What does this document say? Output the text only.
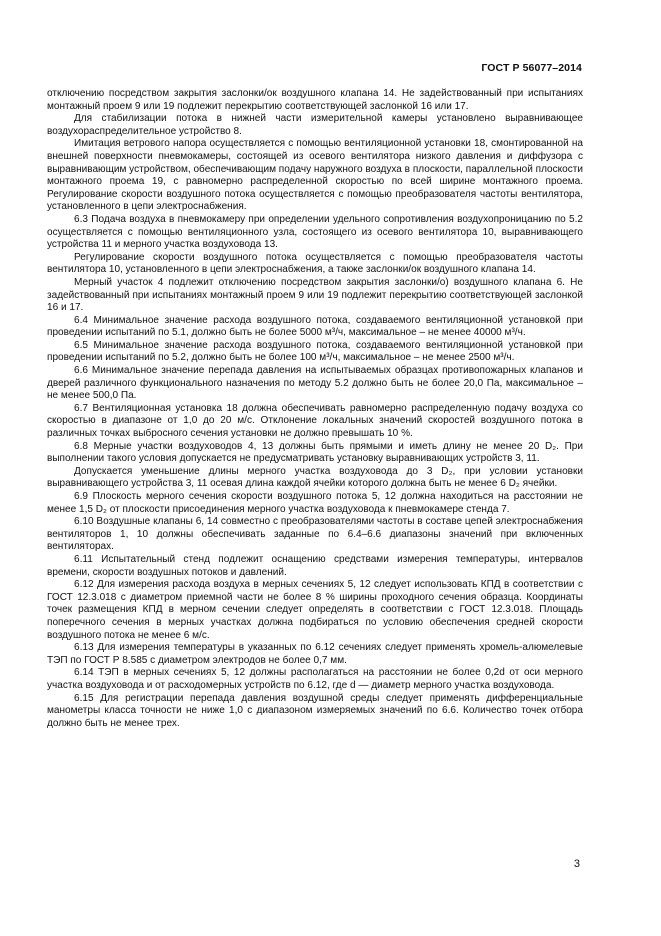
ГОСТ Р 56077–2014

отключению посредством закрытия заслонки/ок воздушного клапана 14. Не задействованный при испытаниях монтажный проем 9 или 19 подлежит перекрытию соответствующей заслонкой 16 или 17.

Для стабилизации потока в нижней части измерительной камеры установлено выравнивающее воздухораспределительное устройство 8.

Имитация ветрового напора осуществляется с помощью вентиляционной установки 18, смонтированной на внешней поверхности пневмокамеры, состоящей из осевого вентилятора низкого давления и диффузора с выравнивающим устройством, обеспечивающим подачу наружного воздуха в плоскости, параллельной плоскости монтажного проема 19, с равномерно распределенной скоростью по всей ширине монтажного проема. Регулирование скорости воздушного потока осуществляется с помощью преобразователя частоты вентилятора, установленного в цепи электроснабжения.

6.3 Подача воздуха в пневмокамеру при определении удельного сопротивления воздухопроницанию по 5.2 осуществляется с помощью вентиляционного узла, состоящего из осевого вентилятора 10, выравнивающего устройства 11 и мерного участка воздуховода 13.

Регулирование скорости воздушного потока осуществляется с помощью преобразователя частоты вентилятора 10, установленного в цепи электроснабжения, а также заслонки/ок воздушного клапана 14.

Мерный участок 4 подлежит отключению посредством закрытия заслонки/о) воздушного клапана 6. Не задействованный при испытаниях монтажный проем 9 или 19 подлежит перекрытию соответствующей заслонкой 16 и 17.

6.4 Минимальное значение расхода воздушного потока, создаваемого вентиляционной установкой при проведении испытаний по 5.1, должно быть не более 5000 м³/ч, максимальное – не менее 40000 м³/ч.

6.5 Минимальное значение расхода воздушного потока, создаваемого вентиляционной установкой при проведении испытаний по 5.2, должно быть не более 100 м³/ч, максимальное – не менее 2500 м³/ч.

6.6 Минимальное значение перепада давления на испытываемых образцах противопожарных клапанов и дверей различного функционального назначения по методу 5.2 должно быть не более 20,0 Па, максимальное – не менее 500,0 Па.

6.7 Вентиляционная установка 18 должна обеспечивать равномерно распределенную подачу воздуха со скоростью в диапазоне от 1,0 до 20 м/с. Отклонение локальных значений скоростей воздушного потока в различных точках выбросного сечения установки не должно превышать 10 %.

6.8 Мерные участки воздуховодов 4, 13 должны быть прямыми и иметь длину не менее 20 D₂. При выполнении такого условия допускается не предусматривать установку выравнивающих устройств 3, 11.

Допускается уменьшение длины мерного участка воздуховода до 3 D₂, при условии установки выравнивающего устройства 3, 11 осевая длина каждой ячейки которого должна быть не менее 6 D₂ ячейки.

6.9 Плоскость мерного сечения скорости воздушного потока 5, 12 должна находиться на расстоянии не менее 1,5 D₂ от плоскости присоединения мерного участка воздуховода к пневмокамере стенда 7.

6.10 Воздушные клапаны 6, 14 совместно с преобразователями частоты в составе цепей электроснабжения вентиляторов 1, 10 должны обеспечивать заданные по 6.4–6.6 диапазоны значений при включенных вентиляторах.

6.11 Испытательный стенд подлежит оснащению средствами измерения температуры, интервалов времени, скорости воздушных потоков и давлений.

6.12 Для измерения расхода воздуха в мерных сечениях 5, 12 следует использовать КПД в соответствии с ГОСТ 12.3.018 с диаметром приемной части не более 8 % ширины проходного сечения образца. Координаты точек размещения КПД в мерном сечении следует определять в соответствии с ГОСТ 12.3.018. Площадь поперечного сечения в мерных участках должна подбираться по условию обеспечения средней скорости воздушного потока не менее 6 м/с.

6.13 Для измерения температуры в указанных по 6.12 сечениях следует применять хромель-алюмелевые ТЭП по ГОСТ Р 8.585 с диаметром электродов не более 0,7 мм.

6.14 ТЭП в мерных сечениях 5, 12 должны располагаться на расстоянии не более 0,2d от оси мерного участка воздуховода и от расходомерных устройств по 6.12, где d — диаметр мерного участка воздуховода.

6.15 Для регистрации перепада давления воздушной среды следует применять дифференциальные манометры класса точности не ниже 1,0 с диапазоном измеряемых значений по 6.6. Количество точек отбора должно быть не менее трех.

3
